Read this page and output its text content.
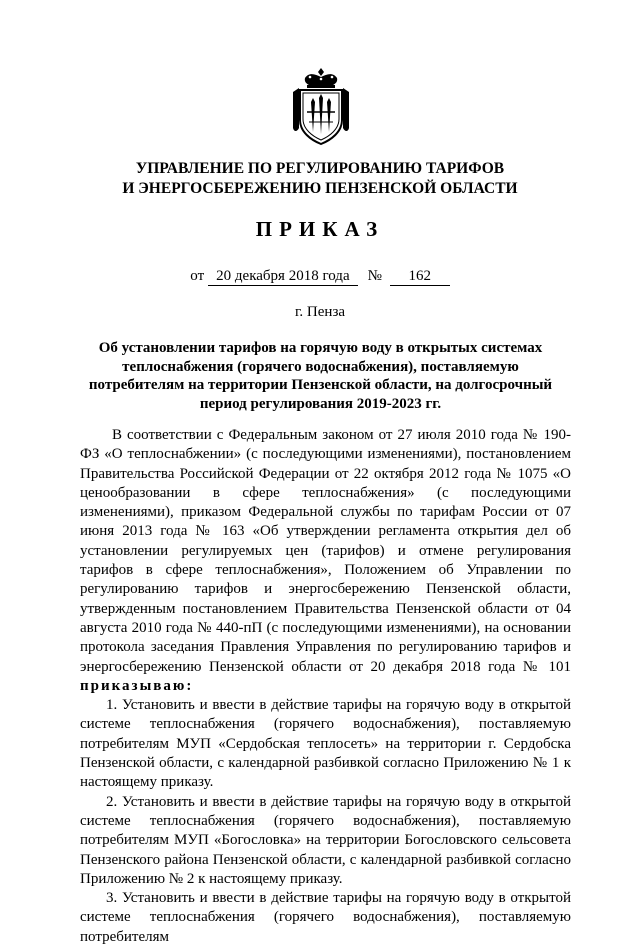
УПРАВЛЕНИЕ ПО РЕГУЛИРОВАНИЮ ТАРИФОВ
И ЭНЕРГОСБЕРЕЖЕНИЮ ПЕНЗЕНСКОЙ ОБЛАСТИ
ПРИКАЗ
от 20 декабря 2018 года № 162
г. Пенза
Об установлении тарифов на горячую воду в открытых системах теплоснабжения (горячего водоснабжения), поставляемую потребителям на территории Пензенской области, на долгосрочный период регулирования 2019-2023 гг.

В соответствии с Федеральным законом от 27 июля 2010 года № 190-ФЗ «О теплоснабжении» (с последующими изменениями), постановлением Правительства Российской Федерации от 22 октября 2012 года № 1075 «О ценообразовании в сфере теплоснабжения» (с последующими изменениями), приказом Федеральной службы по тарифам России от 07 июня 2013 года № 163 «Об утверждении регламента открытия дел об установлении регулируемых цен (тарифов) и отмене регулирования тарифов в сфере теплоснабжения», Положением об Управлении по регулированию тарифов и энергосбережению Пензенской области, утвержденным постановлением Правительства Пензенской области от 04 августа 2010 года № 440-пП (с последующими изменениями), на основании протокола заседания Правления Управления по регулированию тарифов и энергосбережению Пензенской области от 20 декабря 2018 года № 101 приказываю:

1. Установить и ввести в действие тарифы на горячую воду в открытой системе теплоснабжения (горячего водоснабжения), поставляемую потребителям МУП «Сердобская теплосеть» на территории г. Сердобска Пензенской области, с календарной разбивкой согласно Приложению № 1 к настоящему приказу.

2. Установить и ввести в действие тарифы на горячую воду в открытой системе теплоснабжения (горячего водоснабжения), поставляемую потребителям МУП «Богословка» на территории Богословского сельсовета Пензенского района Пензенской области, с календарной разбивкой согласно Приложению № 2 к настоящему приказу.

3. Установить и ввести в действие тарифы на горячую воду в открытой системе теплоснабжения (горячего водоснабжения), поставляемую потребителям
